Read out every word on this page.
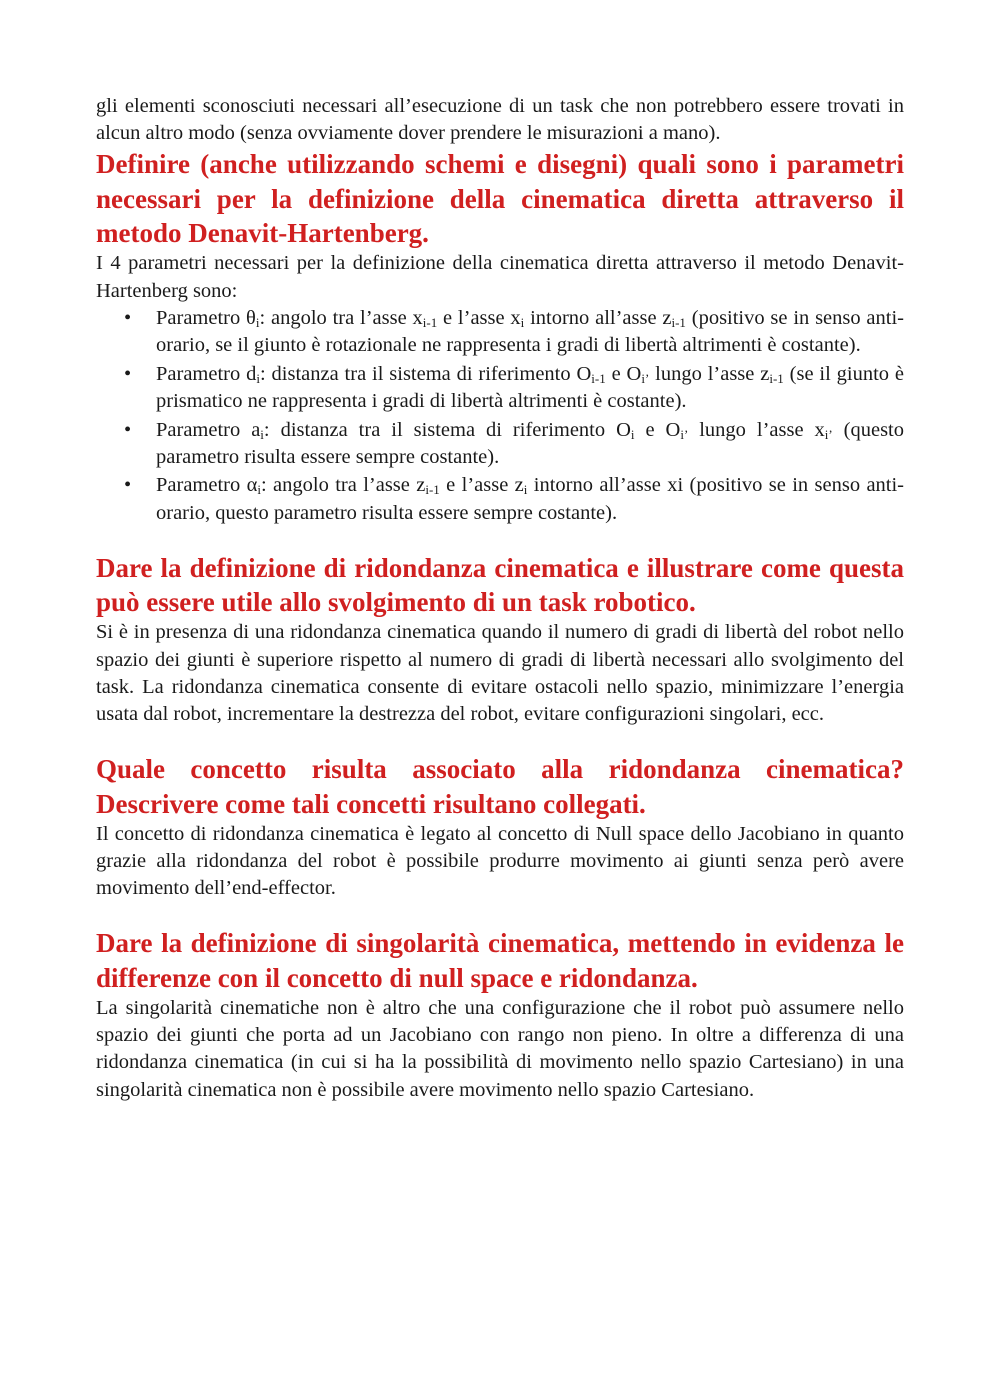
gli elementi sconosciuti necessari all’esecuzione di un task che non potrebbero essere trovati in alcun altro modo (senza ovviamente dover prendere le misurazioni a mano).

Definire (anche utilizzando schemi e disegni) quali sono i parametri necessari per la definizione della cinematica diretta attraverso il metodo Denavit-Hartenberg.

I 4 parametri necessari per la definizione della cinematica diretta attraverso il metodo Denavit-Hartenberg sono:

• Parametro $\theta_i$: angolo tra l’asse $x_{i-1}$ e l’asse $x_i$ intorno all’asse $z_{i-1}$ (positivo se in senso anti-orario, se il giunto è rotazionale ne rappresenta i gradi di libertà altrimenti è costante).
• Parametro $d_i$: distanza tra il sistema di riferimento $O_{i-1}$ e $O_{i’}$ lungo l’asse $z_{i-1}$ (se il giunto è prismatico ne rappresenta i gradi di libertà altrimenti è costante).
• Parametro $a_i$: distanza tra il sistema di riferimento $O_i$ e $O_{i’}$ lungo l’asse $x_{i’}$ (questo parametro risulta essere sempre costante).
• Parametro $\alpha_i$: angolo tra l’asse $z_{i-1}$ e l’asse $z_i$ intorno all’asse xi (positivo se in senso anti-orario, questo parametro risulta essere sempre costante).
Dare la definizione di ridondanza cinematica e illustrare come questa può essere utile allo svolgimento di un task robotico.

Si è in presenza di una ridondanza cinematica quando il numero di gradi di libertà del robot nello spazio dei giunti è superiore rispetto al numero di gradi di libertà necessari allo svolgimento del task. La ridondanza cinematica consente di evitare ostacoli nello spazio, minimizzare l’energia usata dal robot, incrementare la destrezza del robot, evitare configurazioni singolari, ecc.

Quale concetto risulta associato alla ridondanza cinematica? Descrivere come tali concetti risultano collegati.

Il concetto di ridondanza cinematica è legato al concetto di Null space dello Jacobiano in quanto grazie alla ridondanza del robot è possibile produrre movimento ai giunti senza però avere movimento dell’end-effector.

Dare la definizione di singolarità cinematica, mettendo in evidenza le differenze con il concetto di null space e ridondanza.

La singolarità cinematiche non è altro che una configurazione che il robot può assumere nello spazio dei giunti che porta ad un Jacobiano con rango non pieno. In oltre a differenza di una ridondanza cinematica (in cui si ha la possibilità di movimento nello spazio Cartesiano) in una singolarità cinematica non è possibile avere movimento nello spazio Cartesiano.
